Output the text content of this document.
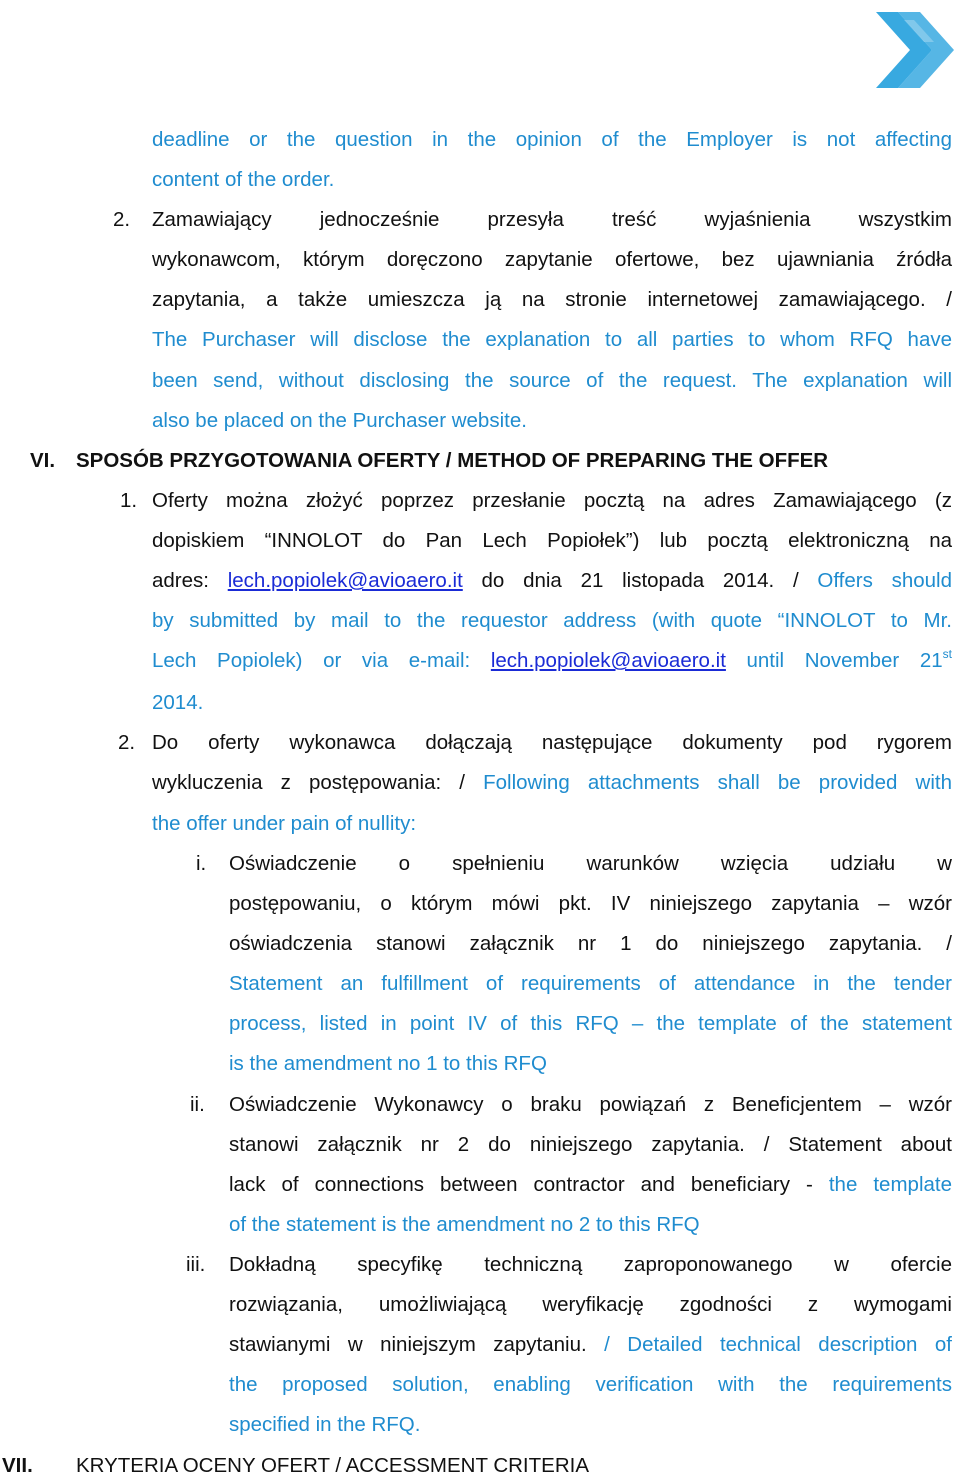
deadline or the question in the opinion of the Employer is not affecting
content of the order.
2. Zamawiający jednocześnie przesyła treść wyjaśnienia wszystkim
wykonawcom, którym doręczono zapytanie ofertowe, bez ujawniania źródła
zapytania, a także umieszcza ją na stronie internetowej zamawiającego. /
The Purchaser will disclose the explanation to all parties to whom RFQ have
been send, without disclosing the source of the request. The explanation will
also be placed on the Purchaser website.
VI. SPOSÓB PRZYGOTOWANIA OFERTY / METHOD OF PREPARING THE OFFER
1. Oferty można złożyć poprzez przesłanie pocztą na adres Zamawiającego (z
dopiskiem “INNOLOT do Pan Lech Popiołek”) lub pocztą elektroniczną na
adres: lech.popiolek@avioaero.it do dnia 21 listopada 2014. / Offers should
by submitted by mail to the requestor address (with quote “INNOLOT to Mr.
Lech Popiolek) or via e-mail: lech.popiolek@avioaero.it until November 21st
2014.
2. Do oferty wykonawca dołączają następujące dokumenty pod rygorem
wykluczenia z postępowania: / Following attachments shall be provided with
the offer under pain of nullity:
i. Oświadczenie o spełnieniu warunków wzięcia udziału w
postępowaniu, o którym mówi pkt. IV niniejszego zapytania – wzór
oświadczenia stanowi załącznik nr 1 do niniejszego zapytania. /
Statement an fulfillment of requirements of attendance in the tender
process, listed in point IV of this RFQ – the template of the statement
is the amendment no 1 to this RFQ
ii. Oświadczenie Wykonawcy o braku powiązań z Beneficjentem – wzór
stanowi załącznik nr 2 do niniejszego zapytania. / Statement about
lack of connections between contractor and beneficiary - the template
of the statement is the amendment no 2 to this RFQ
iii. Dokładną specyfikę techniczną zaproponowanego w ofercie
rozwiązania, umożliwiającą weryfikację zgodności z wymogami
stawianymi w niniejszym zapytaniu. / Detailed technical description of
the proposed solution, enabling verification with the requirements
specified in the RFQ.
VII. KRYTERIA OCENY OFERT / ACCESSMENT CRITERIA
